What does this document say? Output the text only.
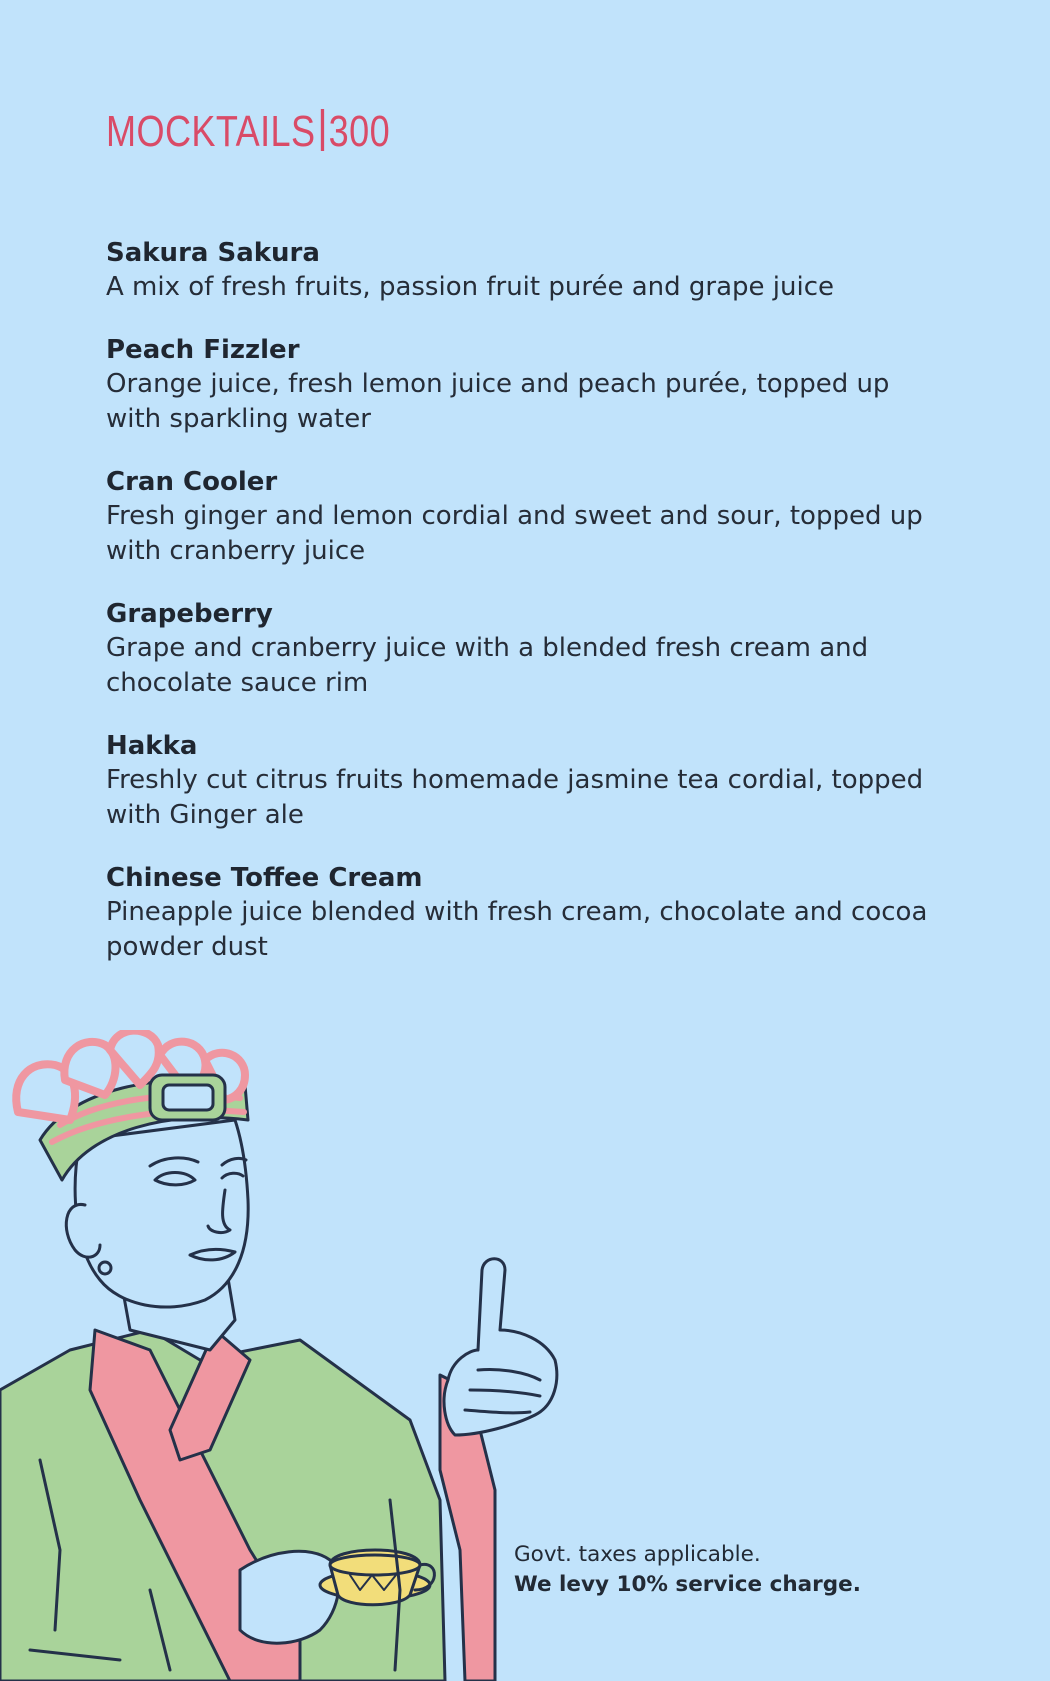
MOCKTAILS 300
Sakura Sakura
A mix of fresh fruits, passion fruit purée and grape juice
Peach Fizzler
Orange juice, fresh lemon juice and peach purée, topped up with sparkling water
Cran Cooler
Fresh ginger and lemon cordial and sweet and sour, topped up with cranberry juice
Grapeberry
Grape and cranberry juice with a blended fresh cream and chocolate sauce rim
Hakka
Freshly cut citrus fruits homemade jasmine tea cordial, topped with Ginger ale
Chinese Toffee Cream
Pineapple juice blended with fresh cream, chocolate and cocoa powder dust
Govt. taxes applicable.
We levy 10% service charge.
